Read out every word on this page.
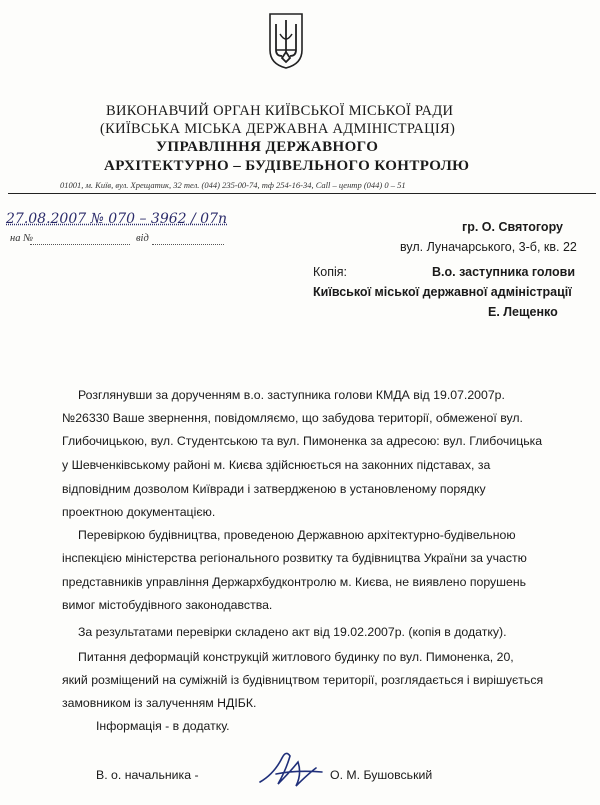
ВИКОНАВЧИЙ ОРГАН КИЇВСЬКОЇ МІСЬКОЇ РАДИ
(КИЇВСЬКА МІСЬКА ДЕРЖАВНА АДМІНІСТРАЦІЯ)
УПРАВЛІННЯ ДЕРЖАВНОГО
АРХІТЕКТУРНО – БУДІВЕЛЬНОГО КОНТРОЛЮ
01001, м. Київ, вул. Хрещатик, 32 тел. (044) 235-00-74, тф 254-16-34, Call – центр (044) 0 – 51
27.08.2007 № 070 – 3962 / 07п
на №	від
гр. О. Святогору
вул. Луначарського, 3-б, кв. 22
Копія:	В.о. заступника голови
Київської міської державної адміністрації
Е. Лещенко
Розглянувши за дорученням в.о. заступника голови КМДА від 19.07.2007р.
№26330 Ваше звернення, повідомляємо, що забудова території, обмеженої вул.
Глибочицькою, вул. Студентською та вул. Пимоненка за адресою: вул. Глибочицька
у Шевченківському районі м. Києва здійснюється на законних підставах, за
відповідним дозволом Київради і затвердженою в установленому порядку
проектною документацією.
Перевіркою будівництва, проведеною Державною архітектурно-будівельною
інспекцією міністерства регіонального розвитку та будівництва України за участю
представників управління Держархбудконтролю м. Києва, не виявлено порушень
вимог містобудівного законодавства.
За результатами перевірки складено акт від 19.02.2007р. (копія в додатку).
Питання деформацій конструкцій житлового будинку по вул. Пимоненка, 20,
який розміщений на суміжній із будівництвом території, розглядається і вирішується
замовником із залученням НДІБК.
Інформація - в додатку.
В. о. начальника -	О. М. Бушовський
